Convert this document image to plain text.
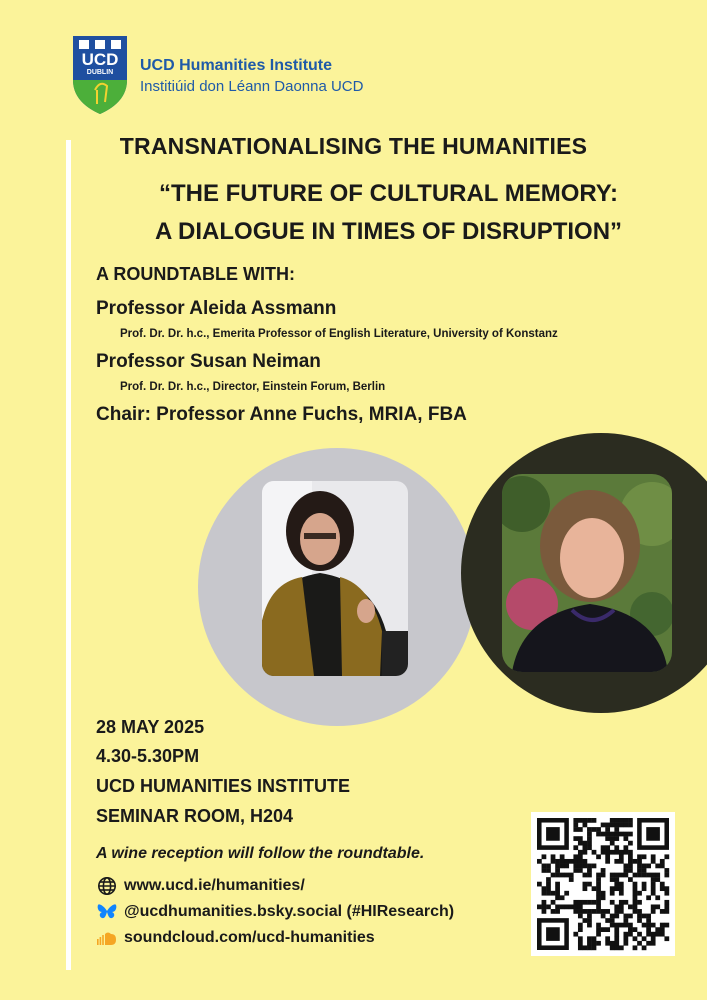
UCD
DUBLIN	UCD Humanities Institute
Institiúid don Léann Daonna UCD
TRANSNATIONALISING THE HUMANITIES
“THE FUTURE OF CULTURAL MEMORY:
A DIALOGUE IN TIMES OF DISRUPTION”
A ROUNDTABLE WITH:
Professor Aleida Assmann
Prof. Dr. Dr. h.c., Emerita Professor of English Literature, University of Konstanz
Professor Susan Neiman
Prof. Dr. Dr. h.c., Director, Einstein Forum, Berlin
Chair: Professor Anne Fuchs, MRIA, FBA
28 MAY 2025
4.30-5.30PM
UCD HUMANITIES INSTITUTE
SEMINAR ROOM, H204
A wine reception will follow the roundtable.
www.ucd.ie/humanities/
@ucdhumanities.bsky.social (#HIResearch)
soundcloud.com/ucd-humanities
